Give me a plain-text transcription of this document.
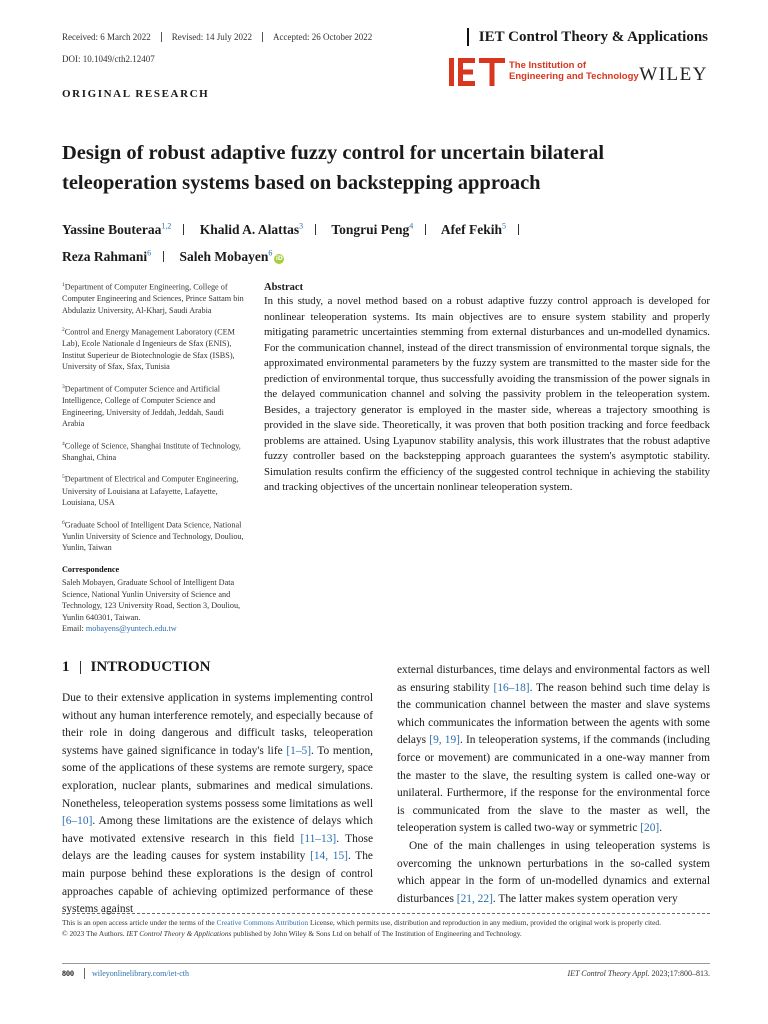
Received: 6 March 2022	Revised: 14 July 2022	Accepted: 26 October 2022	IET Control Theory & Applications
DOI: 10.1049/cth2.12407
ORIGINAL RESEARCH
The Institution of
Engineering and Technology WILEY
Design of robust adaptive fuzzy control for uncertain bilateral teleoperation systems based on backstepping approach
Yassine Bouteraa$^{1,2}$ Khalid A. Alattas$^3$ Tongrui Peng$^4$ Afef Fekih$^5$
Reza Rahmani$^6$ Saleh Mobayen$^6$iD
$^1$Department of Computer Engineering, College of Computer Engineering and Sciences, Prince Sattam bin Abdulaziz University, Al-Kharj, Saudi Arabia
$^2$Control and Energy Management Laboratory (CEM Lab), Ecole Nationale d Ingenieurs de Sfax (ENIS), Institut Superieur de Biotechnologie de Sfax (ISBS), University of Sfax, Sfax, Tunisia
$^3$Department of Computer Science and Artificial Intelligence, College of Computer Science and Engineering, University of Jeddah, Jeddah, Saudi Arabia
$^4$College of Science, Shanghai Institute of Technology, Shanghai, China
$^5$Department of Electrical and Computer Engineering, University of Louisiana at Lafayette, Lafayette, Louisiana, USA
$^6$Graduate School of Intelligent Data Science, National Yunlin University of Science and Technology, Douliou, Yunlin, Taiwan
Correspondence
Saleh Mobayen, Graduate School of Intelligent Data Science, National Yunlin University of Science and Technology, 123 University Road, Section 3, Douliou, Yunlin 640301, Taiwan.
Email: mobayens@yuntech.edu.tw
Abstract
In this study, a novel method based on a robust adaptive fuzzy control approach is developed for nonlinear teleoperation systems. Its main objectives are to ensure system stability and properly mitigating parametric uncertainties stemming from external disturbances and un-modelled dynamics. For the communication channel, instead of the direct transmission of environmental torque signals, the approximated environmental parameters by the fuzzy system are transmitted to the master side for the prediction of environmental torque, thus successfully avoiding the transmission of the power signals in the delayed communication channel and solving the passivity problem in the teleoperation system. Besides, a trajectory generator is employed in the master side, whereas a trajectory smoothing is provided in the slave side. Theoretically, it was proven that both position tracking and force feedback problems are attained. Using Lyapunov stability analysis, this work illustrates that the robust adaptive fuzzy controller based on the backstepping approach guarantees the system's asymptotic stability. Simulation results confirm the efficiency of the suggested control technique in achieving the stability and tracking objectives of the uncertain nonlinear teleoperation system.
1 INTRODUCTION

Due to their extensive application in systems implementing control without any human interference remotely, and especially because of their role in doing dangerous and difficult tasks, teleoperation systems have gained significance in today's life [1–5]. To mention, some of the applications of these systems are remote surgery, space exploration, nuclear plants, submarines and medical simulations. Nonetheless, teleoperation systems possess some limitations as well [6–10]. Among these limitations are the existence of delays which have motivated extensive research in this field [11–13]. Those delays are the leading causes for system instability [14, 15]. The main purpose behind these explorations is the design of control approaches capable of achieving optimized performance of these systems against

external disturbances, time delays and environmental factors as well as ensuring stability [16–18]. The reason behind such time delay is the communication channel between the master and slave systems which communicates the information between the agents with some delays [9, 19]. In teleoperation systems, if the commands (including force or movement) are communicated in a one-way manner from the master to the slave, the resulting system is called one-way or unilateral. Furthermore, if the response for the environmental force is communicated from the slave to the master as well, the teleoperation system is called two-way or symmetric [20].

One of the main challenges in using teleoperation systems is overcoming the unknown perturbations in the so-called system which appear in the form of un-modelled dynamics and external disturbances [21, 22]. The latter makes system operation very

This is an open access article under the terms of the Creative Commons Attribution License, which permits use, distribution and reproduction in any medium, provided the original work is properly cited.
© 2023 The Authors. IET Control Theory & Applications published by John Wiley & Sons Ltd on behalf of The Institution of Engineering and Technology.
800 wileyonlinelibrary.com/iet-cth	IET Control Theory Appl. 2023;17:800–813.
